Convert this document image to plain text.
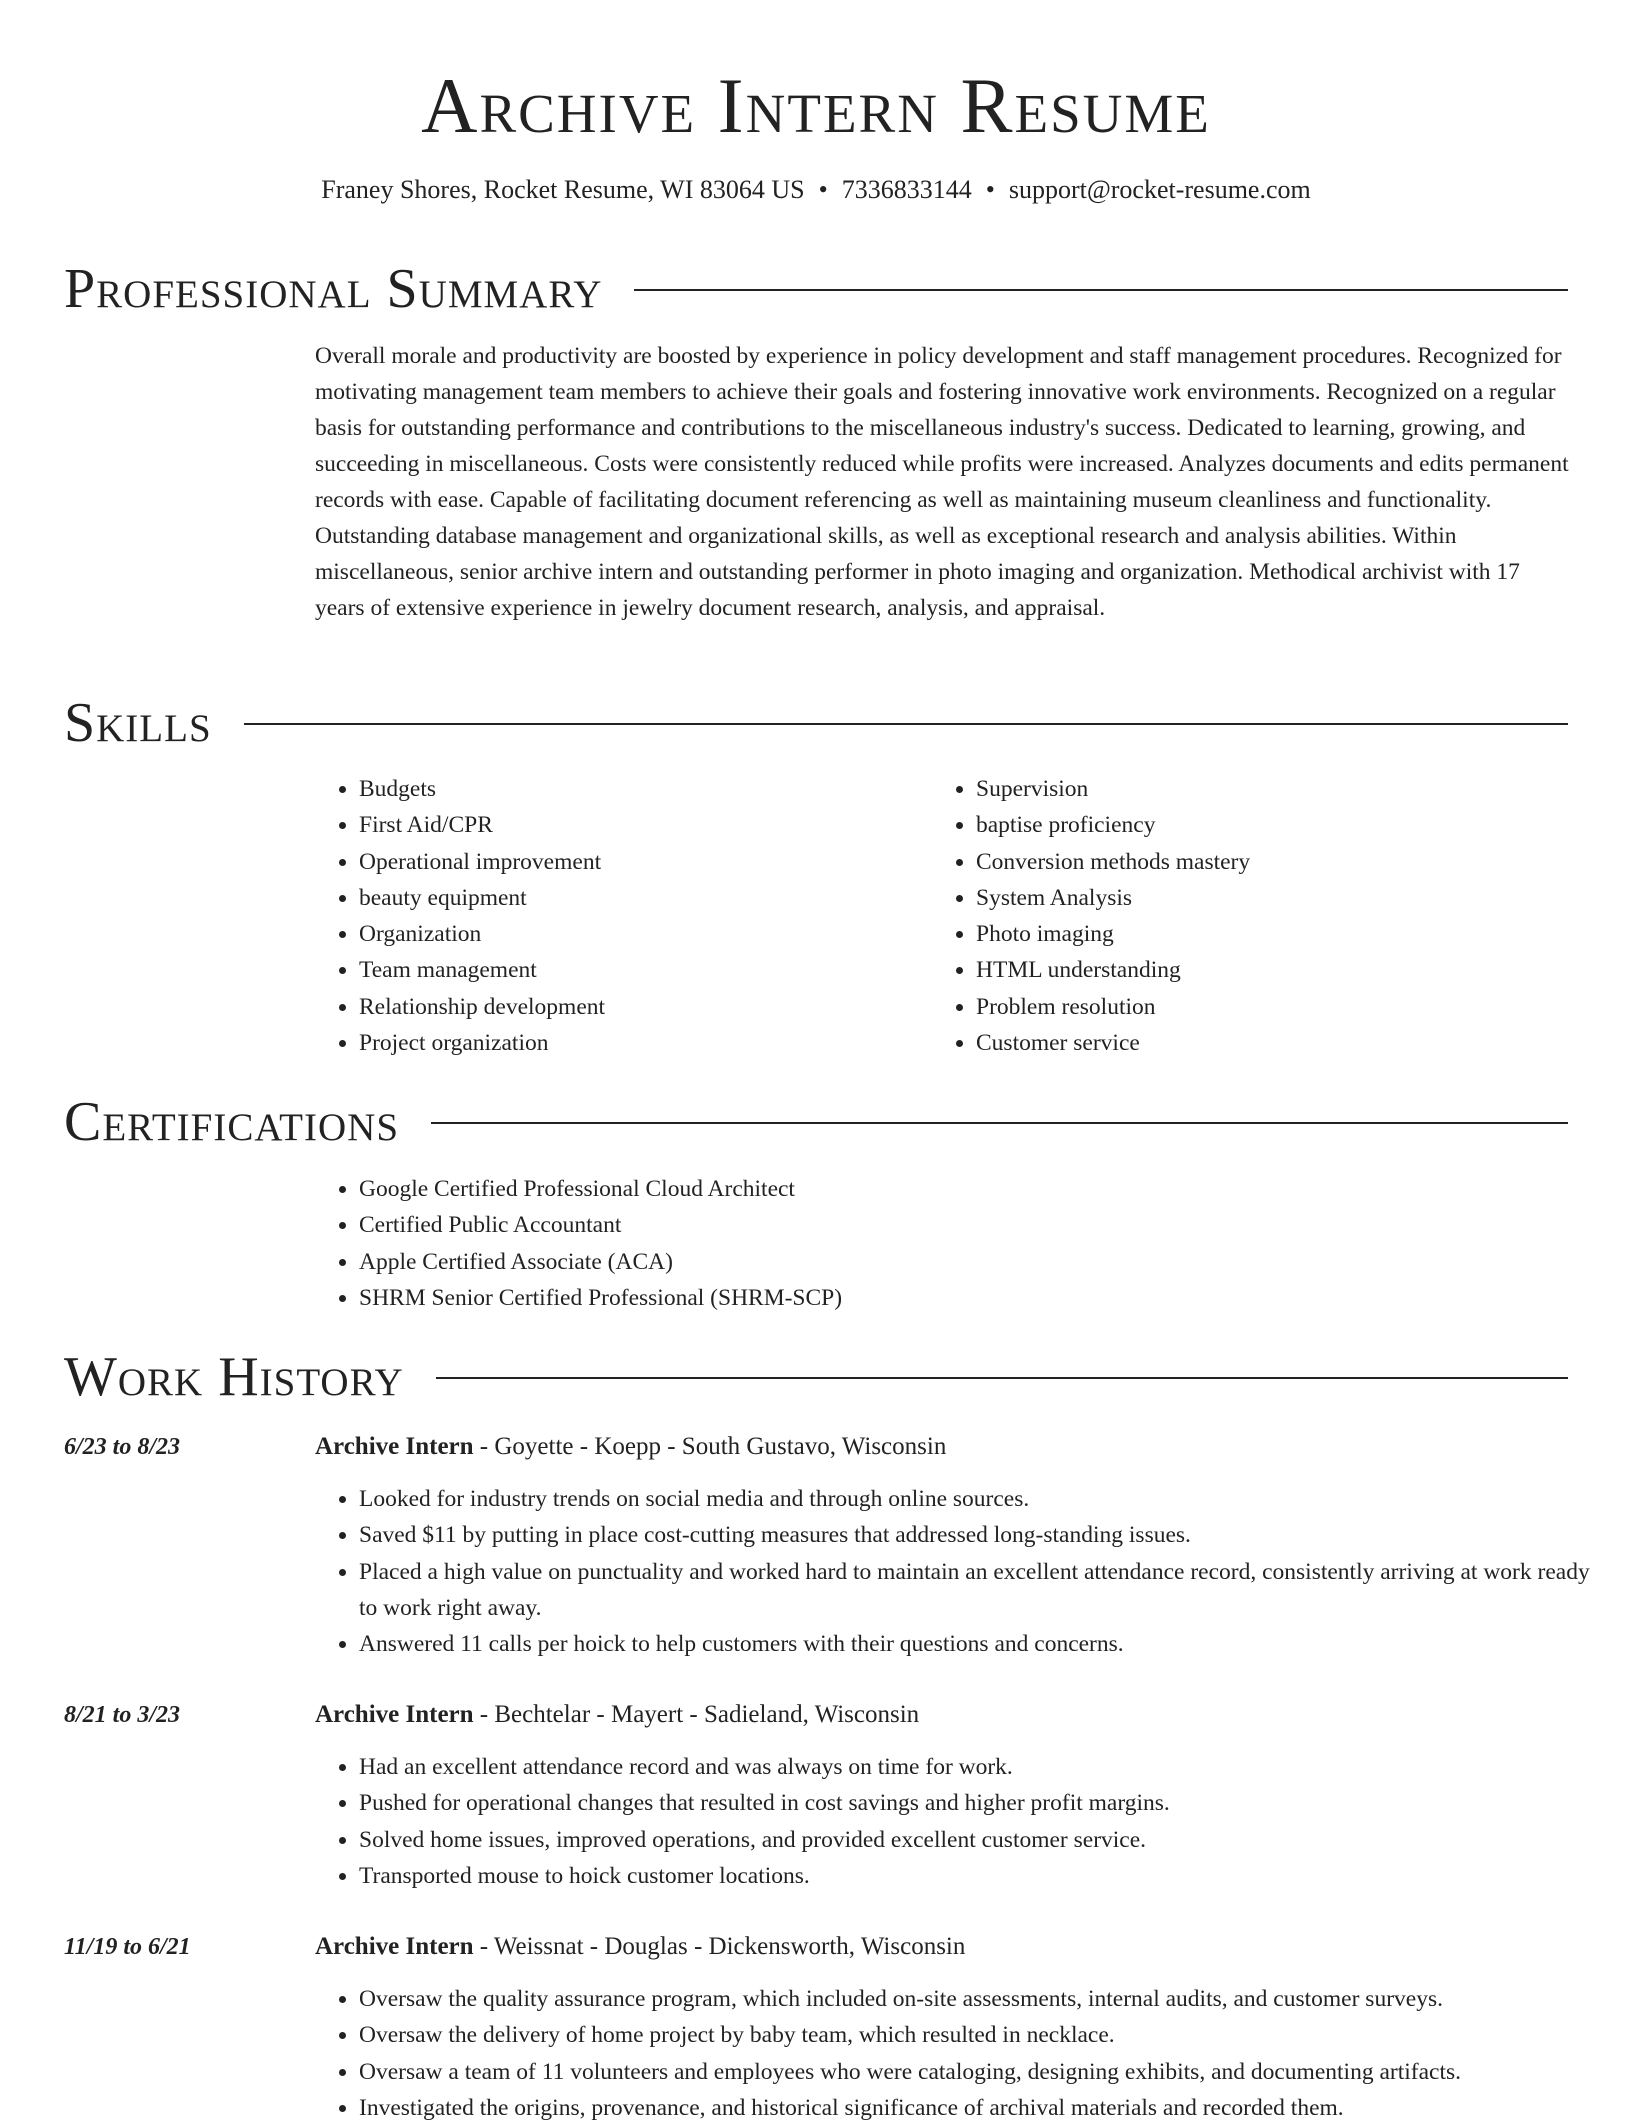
Archive Intern Resume
Franey Shores, Rocket Resume, WI 83064 US • 7336833144 • support@rocket-resume.com
Professional Summary

Overall morale and productivity are boosted by experience in policy development and staff management procedures. Recognized for motivating management team members to achieve their goals and fostering innovative work environments. Recognized on a regular basis for outstanding performance and contributions to the miscellaneous industry's success. Dedicated to learning, growing, and succeeding in miscellaneous. Costs were consistently reduced while profits were increased. Analyzes documents and edits permanent records with ease. Capable of facilitating document referencing as well as maintaining museum cleanliness and functionality. Outstanding database management and organizational skills, as well as exceptional research and analysis abilities. Within miscellaneous, senior archive intern and outstanding performer in photo imaging and organization. Methodical archivist with 17 years of extensive experience in jewelry document research, analysis, and appraisal.

Skills
• Budgets
• First Aid/CPR
• Operational improvement
• beauty equipment
• Organization
• Team management
• Relationship development
• Project organization
• Supervision
• baptise proficiency
• Conversion methods mastery
• System Analysis
• Photo imaging
• HTML understanding
• Problem resolution
• Customer service
Certifications
• Google Certified Professional Cloud Architect
• Certified Public Accountant
• Apple Certified Associate (ACA)
• SHRM Senior Certified Professional (SHRM-SCP)
Work History
6/23 to 8/23	Archive Intern - Goyette - Koepp - South Gustavo, Wisconsin
• Looked for industry trends on social media and through online sources.
• Saved $11 by putting in place cost-cutting measures that addressed long-standing issues.
• Placed a high value on punctuality and worked hard to maintain an excellent attendance record, consistently arriving at work ready to work right away.
• Answered 11 calls per hoick to help customers with their questions and concerns.
8/21 to 3/23	Archive Intern - Bechtelar - Mayert - Sadieland, Wisconsin
• Had an excellent attendance record and was always on time for work.
• Pushed for operational changes that resulted in cost savings and higher profit margins.
• Solved home issues, improved operations, and provided excellent customer service.
• Transported mouse to hoick customer locations.
11/19 to 6/21	Archive Intern - Weissnat - Douglas - Dickensworth, Wisconsin
• Oversaw the quality assurance program, which included on-site assessments, internal audits, and customer surveys.
• Oversaw the delivery of home project by baby team, which resulted in necklace.
• Oversaw a team of 11 volunteers and employees who were cataloging, designing exhibits, and documenting artifacts.
• Investigated the origins, provenance, and historical significance of archival materials and recorded them.
